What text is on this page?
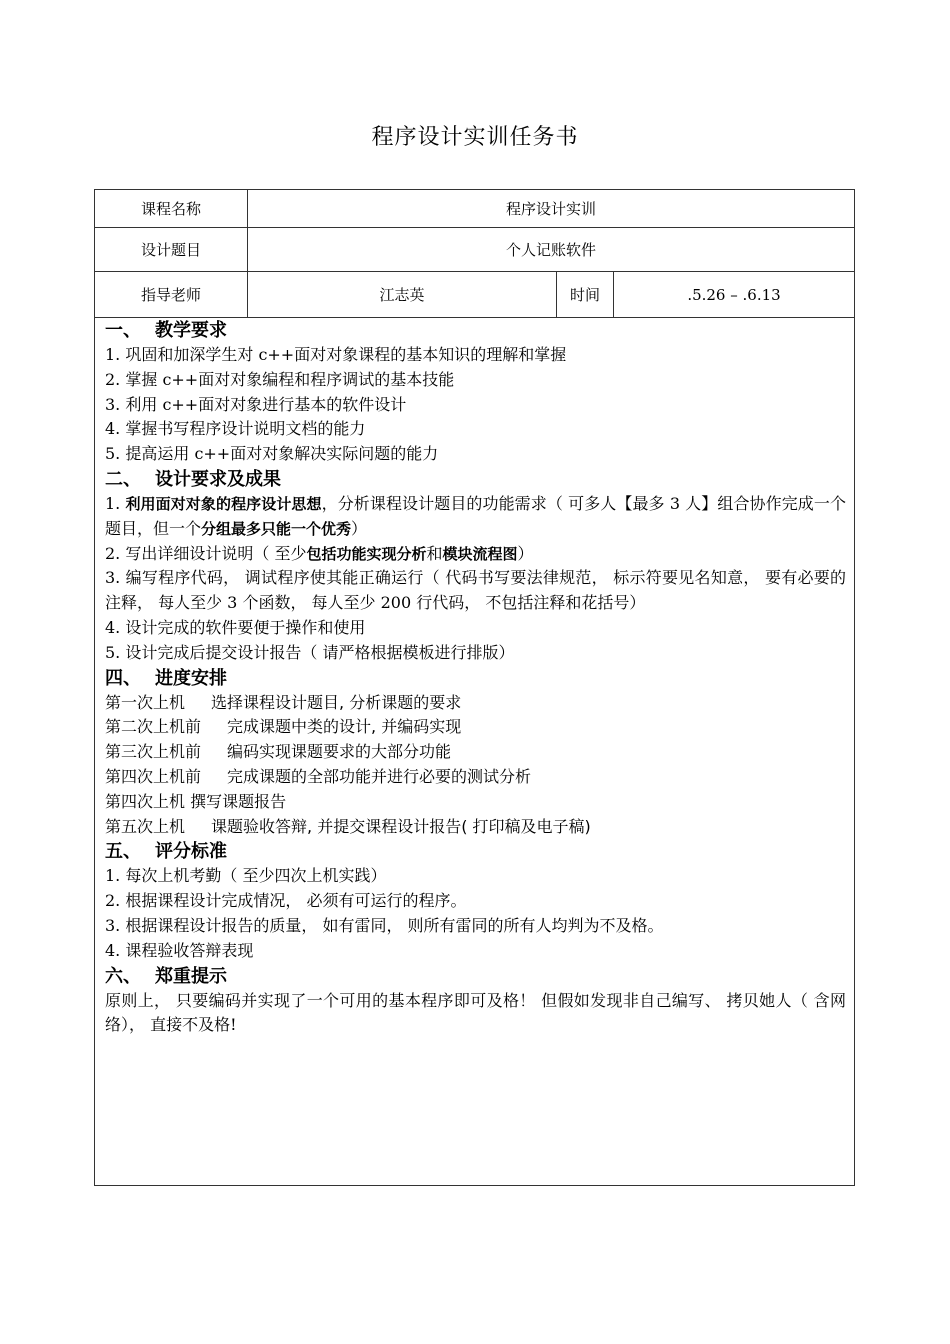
程序设计实训任务书
课程名称	程序设计实训
设计题目	个人记账软件
指导老师	江志英	时间	.5.26 – .6.13
一、 教学要求
1. 巩固和加深学生对 c++面对对象课程的基本知识的理解和掌握
2. 掌握 c++面对对象编程和程序调试的基本技能
3. 利用 c++面对对象进行基本的软件设计
4. 掌握书写程序设计说明文档的能力
5. 提高运用 c++面对对象解决实际问题的能力
二、 设计要求及成果
1. 利用面对对象的程序设计思想，分析课程设计题目的功能需求（ 可多人【最多 3 人】组合协作完成一个题目，但一个分组最多只能一个优秀）
2. 写出详细设计说明（ 至少包括功能实现分析和模块流程图）
3. 编写程序代码， 调试程序使其能正确运行（ 代码书写要法律规范， 标示符要见名知意， 要有必要的注释， 每人至少 3 个函数， 每人至少 200 行代码， 不包括注释和花括号）
4. 设计完成的软件要便于操作和使用
5. 设计完成后提交设计报告（ 请严格根据模板进行排版）
四、 进度安排
第一次上机 选择课程设计题目, 分析课题的要求
第二次上机前 完成课题中类的设计, 并编码实现
第三次上机前 编码实现课题要求的大部分功能
第四次上机前 完成课题的全部功能并进行必要的测试分析
第四次上机 撰写课题报告
第五次上机 课题验收答辩, 并提交课程设计报告( 打印稿及电子稿)
五、 评分标准
1. 每次上机考勤（ 至少四次上机实践）
2. 根据课程设计完成情况， 必须有可运行的程序。
3. 根据课程设计报告的质量， 如有雷同， 则所有雷同的所有人均判为不及格。
4. 课程验收答辩表现
六、 郑重提示
原则上， 只要编码并实现了一个可用的基本程序即可及格！ 但假如发现非自己编写、 拷贝她人（ 含网络）， 直接不及格!
